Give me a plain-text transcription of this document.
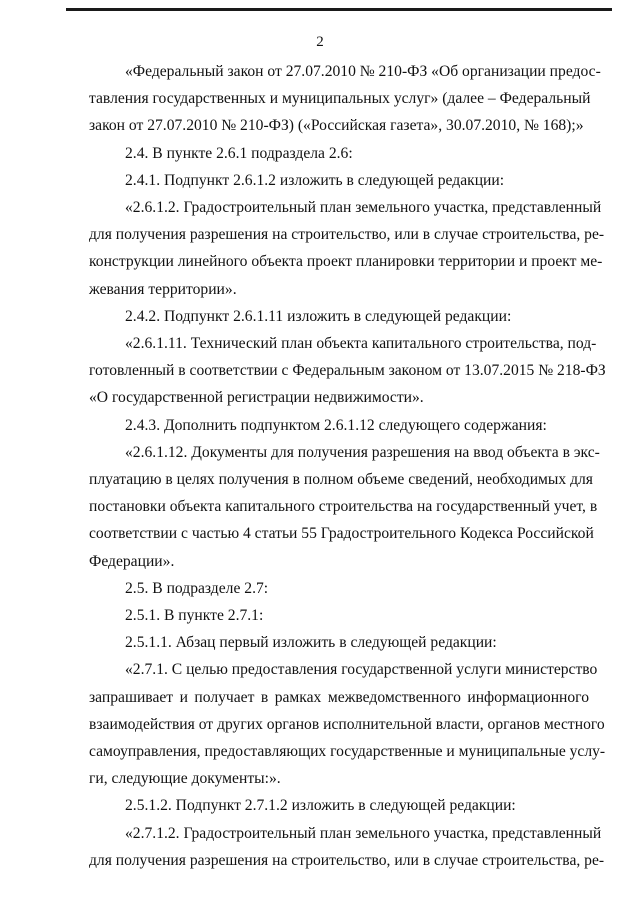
2
«Федеральный закон от 27.07.2010 № 210-ФЗ «Об организации предос-
тавления государственных и муниципальных услуг» (далее – Федеральный
закон от 27.07.2010 № 210-ФЗ) («Российская газета», 30.07.2010, № 168);»
2.4. В пункте 2.6.1 подраздела 2.6:
2.4.1. Подпункт 2.6.1.2 изложить в следующей редакции:
«2.6.1.2. Градостроительный план земельного участка, представленный
для получения разрешения на строительство, или в случае строительства, ре-
конструкции линейного объекта проект планировки территории и проект ме-
жевания территории».
2.4.2. Подпункт 2.6.1.11 изложить в следующей редакции:
«2.6.1.11. Технический план объекта капитального строительства, под-
готовленный в соответствии с Федеральным законом от 13.07.2015 № 218-ФЗ
«О государственной регистрации недвижимости».
2.4.3. Дополнить подпунктом 2.6.1.12 следующего содержания:
«2.6.1.12. Документы для получения разрешения на ввод объекта в экс-
плуатацию в целях получения в полном объеме сведений, необходимых для
постановки объекта капитального строительства на государственный учет, в
соответствии с частью 4 статьи 55 Градостроительного Кодекса Российской
Федерации».
2.5. В подразделе 2.7:
2.5.1. В пункте 2.7.1:
2.5.1.1. Абзац первый изложить в следующей редакции:
«2.7.1. С целью предоставления государственной услуги министерство
запрашивает и получает в рамках межведомственного информационного
взаимодействия от других органов исполнительной власти, органов местного
самоуправления, предоставляющих государственные и муниципальные услу-
ги, следующие документы:».
2.5.1.2. Подпункт 2.7.1.2 изложить в следующей редакции:
«2.7.1.2. Градостроительный план земельного участка, представленный
для получения разрешения на строительство, или в случае строительства, ре-
